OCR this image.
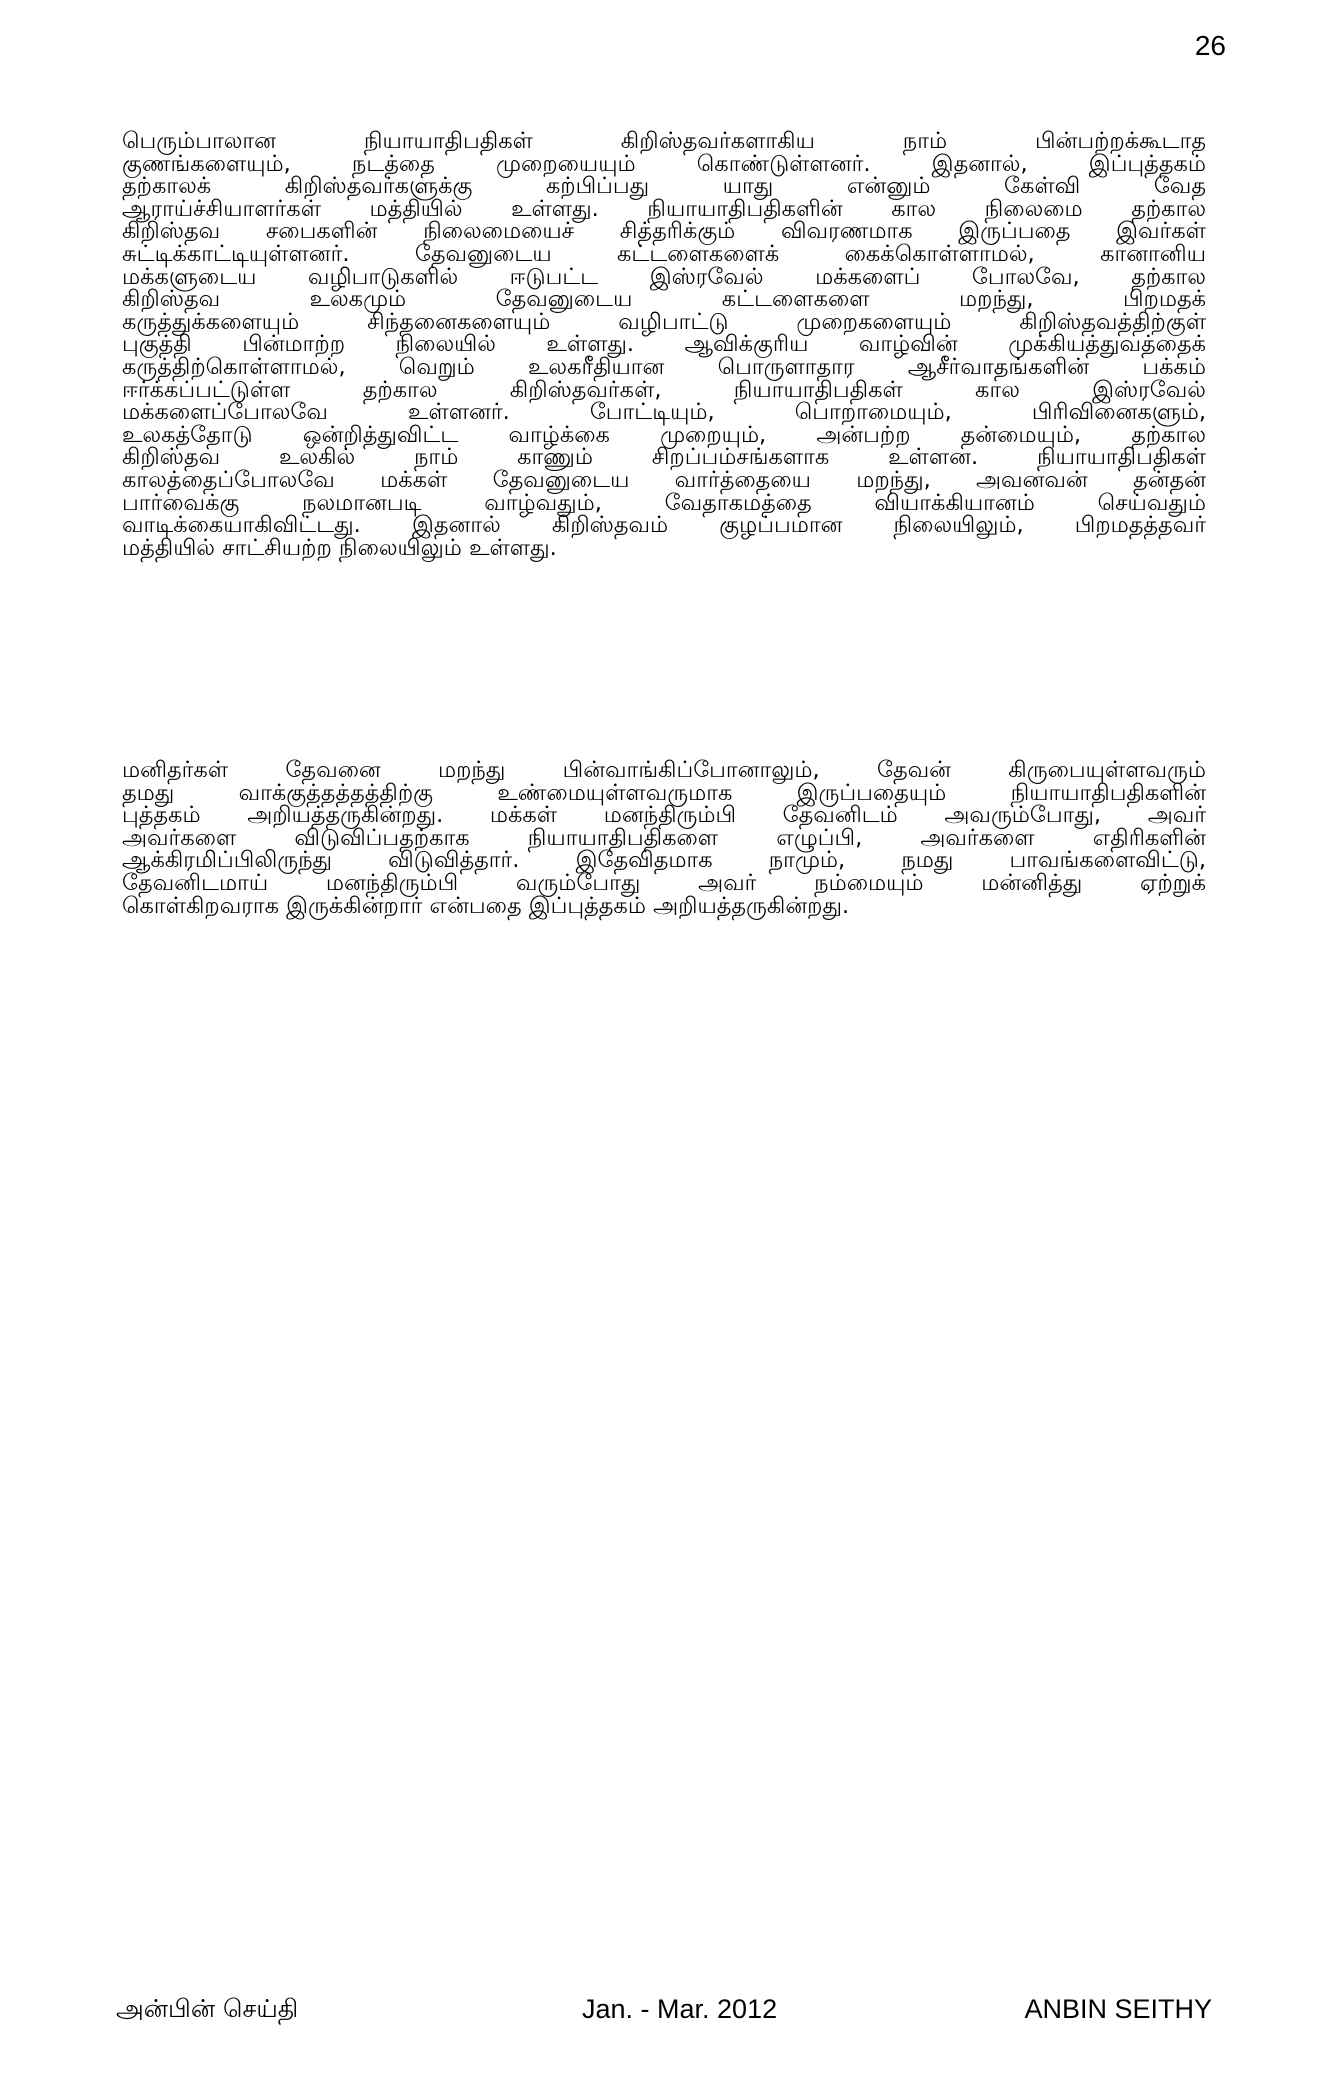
26

பெரும்பாலான நியாயாதிபதிகள் கிறிஸ்தவர்களாகிய நாம் பின்பற்றக்கூடாத
குணங்களையும், நடத்தை முறையையும் கொண்டுள்ளனர். இதனால், இப்புத்தகம்
தற்காலக் கிறிஸ்தவர்களுக்கு கற்பிப்பது யாது என்னும் கேள்வி வேத
ஆராய்ச்சியாளர்கள் மத்தியில் உள்ளது. நியாயாதிபதிகளின் கால நிலைமை தற்கால
கிறிஸ்தவ சபைகளின் நிலைமையைச் சித்தரிக்கும் விவரணமாக இருப்பதை இவர்கள்
சுட்டிக்காட்டியுள்ளனர். தேவனுடைய கட்டளைகளைக் கைக்கொள்ளாமல், கானானிய
மக்களுடைய வழிபாடுகளில் ஈடுபட்ட இஸ்ரவேல் மக்களைப் போலவே, தற்கால
கிறிஸ்தவ உலகமும் தேவனுடைய கட்டளைகளை மறந்து, பிறமதக்
கருத்துக்களையும் சிந்தனைகளையும் வழிபாட்டு முறைகளையும் கிறிஸ்தவத்திற்குள்
புகுத்தி பின்மாற்ற நிலையில் உள்ளது. ஆவிக்குரிய வாழ்வின் முக்கியத்துவத்தைக்
கருத்திற்கொள்ளாமல், வெறும் உலகரீதியான பொருளாதார ஆசீர்வாதங்களின் பக்கம்
ஈர்க்கப்பட்டுள்ள தற்கால கிறிஸ்தவர்கள், நியாயாதிபதிகள் கால இஸ்ரவேல்
மக்களைப்போலவே உள்ளனர். போட்டியும், பொறாமையும், பிரிவினைகளும்,
உலகத்தோடு ஒன்றித்துவிட்ட வாழ்க்கை முறையும், அன்பற்ற தன்மையும், தற்கால
கிறிஸ்தவ உலகில் நாம் காணும் சிறப்பம்சங்களாக உள்ளன. நியாயாதிபதிகள்
காலத்தைப்போலவே மக்கள் தேவனுடைய வார்த்தையை மறந்து, அவனவன் தன்தன்
பார்வைக்கு நலமானபடி வாழ்வதும், வேதாகமத்தை வியாக்கியானம் செய்வதும்
வாடிக்கையாகிவிட்டது. இதனால் கிறிஸ்தவம் குழப்பமான நிலையிலும், பிறமதத்தவர்
மத்தியில் சாட்சியற்ற நிலையிலும் உள்ளது.

மனிதர்கள் தேவனை மறந்து பின்வாங்கிப்போனாலும், தேவன் கிருபையுள்ளவரும்
தமது வாக்குத்தத்தத்திற்கு உண்மையுள்ளவருமாக இருப்பதையும் நியாயாதிபதிகளின்
புத்தகம் அறியத்தருகின்றது. மக்கள் மனந்திரும்பி தேவனிடம் அவரும்போது, அவர்
அவர்களை விடுவிப்பதற்காக நியாயாதிபதிகளை எழுப்பி, அவர்களை எதிரிகளின்
ஆக்கிரமிப்பிலிருந்து விடுவித்தார். இதேவிதமாக நாமும், நமது பாவங்களைவிட்டு,
தேவனிடமாய் மனந்திரும்பி வரும்போது அவர் நம்மையும் மன்னித்து ஏற்றுக்
கொள்கிறவராக இருக்கின்றார் என்பதை இப்புத்தகம் அறியத்தருகின்றது.

அன்பின் செய்தி	Jan. - Mar. 2012	ANBIN SEITHY
